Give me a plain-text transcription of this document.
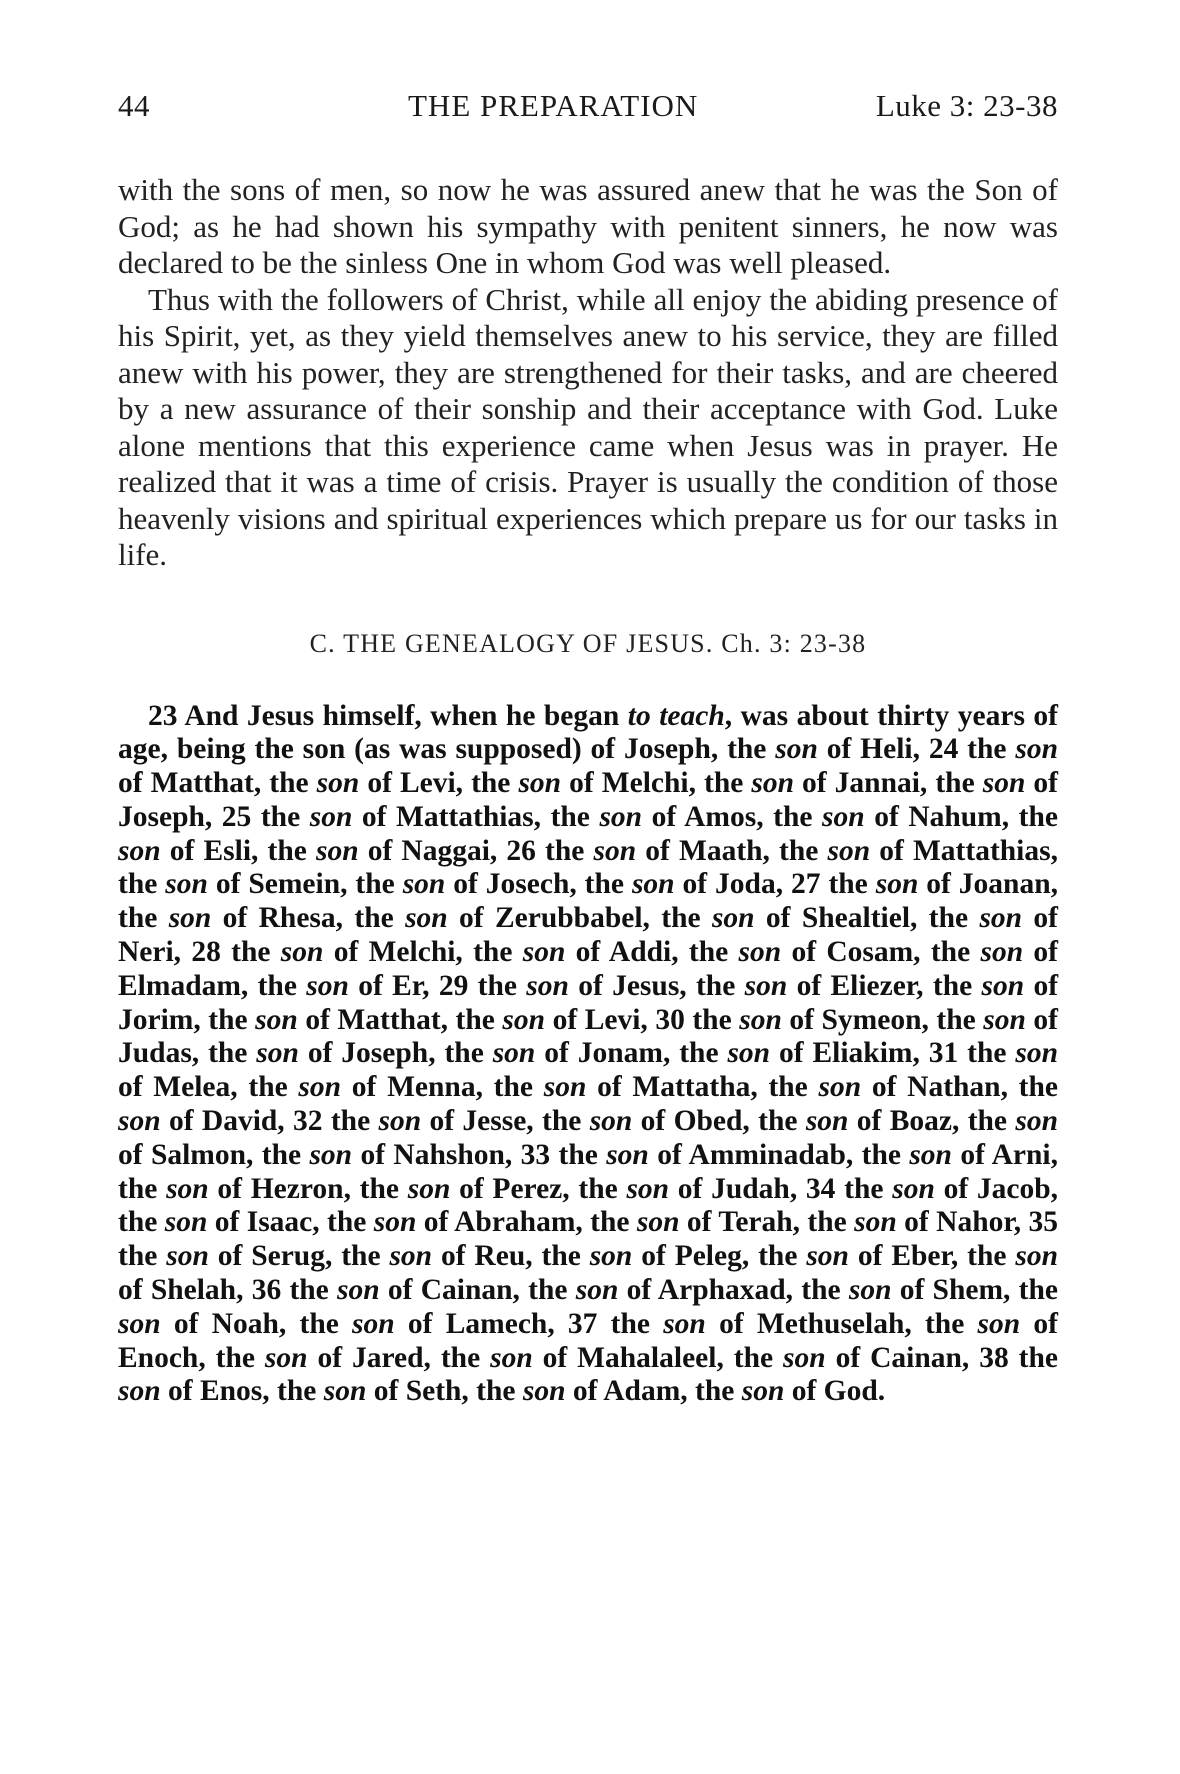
44	THE PREPARATION	Luke 3: 23-38

with the sons of men, so now he was assured anew that he was the Son of God; as he had shown his sympathy with penitent sinners, he now was declared to be the sinless One in whom God was well pleased.

Thus with the followers of Christ, while all enjoy the abiding presence of his Spirit, yet, as they yield themselves anew to his service, they are filled anew with his power, they are strengthened for their tasks, and are cheered by a new assurance of their sonship and their acceptance with God. Luke alone mentions that this experience came when Jesus was in prayer. He realized that it was a time of crisis. Prayer is usually the condition of those heavenly visions and spiritual experiences which prepare us for our tasks in life.

C. THE GENEALOGY OF JESUS. Ch. 3: 23-38

23 And Jesus himself, when he began to teach, was about thirty years of age, being the son (as was supposed) of Joseph, the son of Heli, 24 the son of Matthat, the son of Levi, the son of Melchi, the son of Jannai, the son of Joseph, 25 the son of Mattathias, the son of Amos, the son of Nahum, the son of Esli, the son of Naggai, 26 the son of Maath, the son of Mattathias, the son of Semein, the son of Josech, the son of Joda, 27 the son of Joanan, the son of Rhesa, the son of Zerubbabel, the son of Shealtiel, the son of Neri, 28 the son of Melchi, the son of Addi, the son of Cosam, the son of Elmadam, the son of Er, 29 the son of Jesus, the son of Eliezer, the son of Jorim, the son of Matthat, the son of Levi, 30 the son of Symeon, the son of Judas, the son of Joseph, the son of Jonam, the son of Eliakim, 31 the son of Melea, the son of Menna, the son of Mattatha, the son of Nathan, the son of David, 32 the son of Jesse, the son of Obed, the son of Boaz, the son of Salmon, the son of Nahshon, 33 the son of Amminadab, the son of Arni, the son of Hezron, the son of Perez, the son of Judah, 34 the son of Jacob, the son of Isaac, the son of Abraham, the son of Terah, the son of Nahor, 35 the son of Serug, the son of Reu, the son of Peleg, the son of Eber, the son of Shelah, 36 the son of Cainan, the son of Arphaxad, the son of Shem, the son of Noah, the son of Lamech, 37 the son of Methuselah, the son of Enoch, the son of Jared, the son of Mahalaleel, the son of Cainan, 38 the son of Enos, the son of Seth, the son of Adam, the son of God.
